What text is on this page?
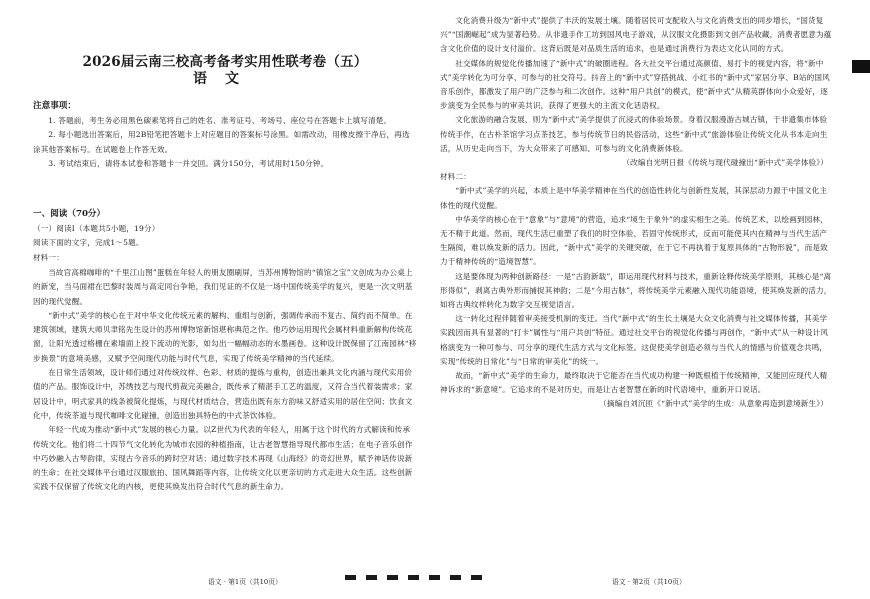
2026届云南三校高考备考实用性联考卷（五）
语文
注意事项：

1. 答题前，考生务必用黑色碳素笔将自己的姓名、准考证号、考场号、座位号在答题卡上填写清楚。

2. 每小题选出答案后，用2B铅笔把答题卡上对应题目的答案标号涂黑。如需改动，用橡皮擦干净后，再选涂其他答案标号。在试题卷上作答无效。

3. 考试结束后，请将本试卷和答题卡一并交回。满分150分，考试用时150分钟。

一、阅读（70分）

（一）阅读Ⅰ（本题共5小题，19分）

阅读下面的文字，完成1～5题。

材料一：

当故宫高棉咖啡的“千里江山图”蛋糕在年轻人的朋友圈刷屏，当苏州博物馆的“镇馆之宝”文创成为办公桌上的新宠，当马面裙在巴黎时装周与高定同台争艳，我们见证的不仅是一场中国传统美学的复兴，更是一次文明基因的现代觉醒。

“新中式”美学的核心在于对中华文化传统元素的解构、重组与创新，强调传承而不复古、简约而不简单。在建筑领域，建筑大师贝聿铭先生设计的苏州博物馆新馆堪称典范之作。他巧妙运用现代会属材料重新解构传统花窗，让阳光透过格栅在素墙面上投下流动的光影，如勾出一幅幅动态的水墨画卷。这种设计既保留了江南园林“移步换景”的意境美感，又赋予空间现代功能与时代气息，实现了传统美学精神的当代延续。

在日常生活领域，设计师们通过对传统纹样、色彩、材质的提炼与重构，创造出兼具文化内涵与现代实用价值的产品。服饰设计中，苏绣技艺与现代剪裁完美融合，既传承了精湛手工艺的温度，又符合当代着装需求；家居设计中，明式家具的线条被简化提炼，与现代材质结合，营造出既有东方韵味又舒适实用的居住空间；饮食文化中，传统茶道与现代咖啡文化碰撞，创造出独具特色的中式茶饮体验。

年轻一代成为推动“新中式”发展的核心力量。以Z世代为代表的年轻人，用属于这个时代的方式解读和传承传统文化。他们将二十四节气文化转化为城市农园的种植指南，让古老智慧指导现代都市生活；在电子音乐创作中巧妙融入古琴韵律，实现古今音乐的跨时空对话；通过数字技术再现《山海经》的奇幻世界，赋予神话传说新的生命；在社交媒体平台通过汉服旅拍、国风舞蹈等内容，让传统文化以更亲切的方式走进大众生活。这些创新实践不仅保留了传统文化的内核，更使其焕发出符合时代气息的新生命力。

文化消费升级为“新中式”提供了丰沃的发展土壤。随着居民可支配收入与文化消费支出的同步增长，“国货复兴”“国潮崛起”成为显著趋势。从非遗手作工坊到国风电子游戏，从汉服文化摄影到文创产品收藏，消费者愿意为蕴含文化价值的设计支付溢价。这背后既是对品质生活的追求，也是通过消费行为表达文化认同的方式。

社交媒体的规觉化传播加速了“新中式”的破圈进程。各大社交平台通过高颜值、易打卡的视觉内容，将“新中式”美学转化为可分享、可参与的社交符号。抖音上的“新中式”穿搭挑战、小红书的“新中式”家居分享、B站的国风音乐创作，都激发了用户的广泛参与和二次创作。这种“用户共创”的模式，使“新中式”从精英群体向小众爱好，逐步演变为全民参与的审美共识，获得了更强大的主流文化话语权。

文化旅游的融合发展，则为“新中式”美学提供了沉浸式的体验场景。身着汉服漫游古城古镇，于非遗集市体验传统手作，在古朴茶馆学习点茶技艺，参与传统节日的民俗活动，这些“新中式”旅游体验让传统文化从书本走向生活，从历史走向当下，为大众带来了可感知、可参与的文化消费新体验。

（改编自光明日报《传统与现代碰撞出“新中式”美学体验》）

材料二：

“新中式”美学的兴起，本质上是中华美学精神在当代的创造性转化与创新性发展，其深层动力源于中国文化主体性的现代觉醒。

中华美学的核心在于“意象”与“意境”的营造，追求“境生于象外”的虚实相生之美。传统艺术，以绘画到园林，无不精于此道。然而，现代生活已重塑了我们的时空体验，若固守传统形式，反而可能使其内在精神与当代生活产生隔阂，难以焕发新的活力。因此，“新中式”美学的关键突破，在于它不再执着于复原具体的“古物形貌”，而是致力于精神传统的“造境智慧”。

这是要体现为两种创新路径：一是“古韵新载”，即运用现代材料与技术，重新诠释传统美学原则，其核心是“离形得似”，剥离古典外形而捕捉其神韵；二是“今用古脉”，将传统美学元素融入现代功能语境，使其焕发新的活力，如将古典纹样转化为数字交互视觉语言。

这一转化过程伴随着审美接受机制的变迁。当代“新中式”的生长土壤是大众文化消费与社交媒体传播，其美学实践因而具有显著的“打卡”属性与“用户共创”特征。通过社交平台的视觉化传播与再创作，“新中式”从一种设计风格演变为一种可参与、可分享的现代生活方式与文化标签。这促使美学创造必须与当代人的情感与价值观念共鸣，实现“传统的日常化”与“日常的审美化”的统一。

故而，“新中式”美学的生命力，最终取决于它能否在当代成功构建一种既根植于传统精神，又能回应现代人精神诉求的“新意境”。它追求的不是对历史，而是让古老智慧在新的时代语境中，重新开口说话。

（摘编自刘沉匝《“新中式”美学的生成：从意象再造到意境新生》）

语文 · 第1页（共10页）	语文 · 第2页（共10页）
